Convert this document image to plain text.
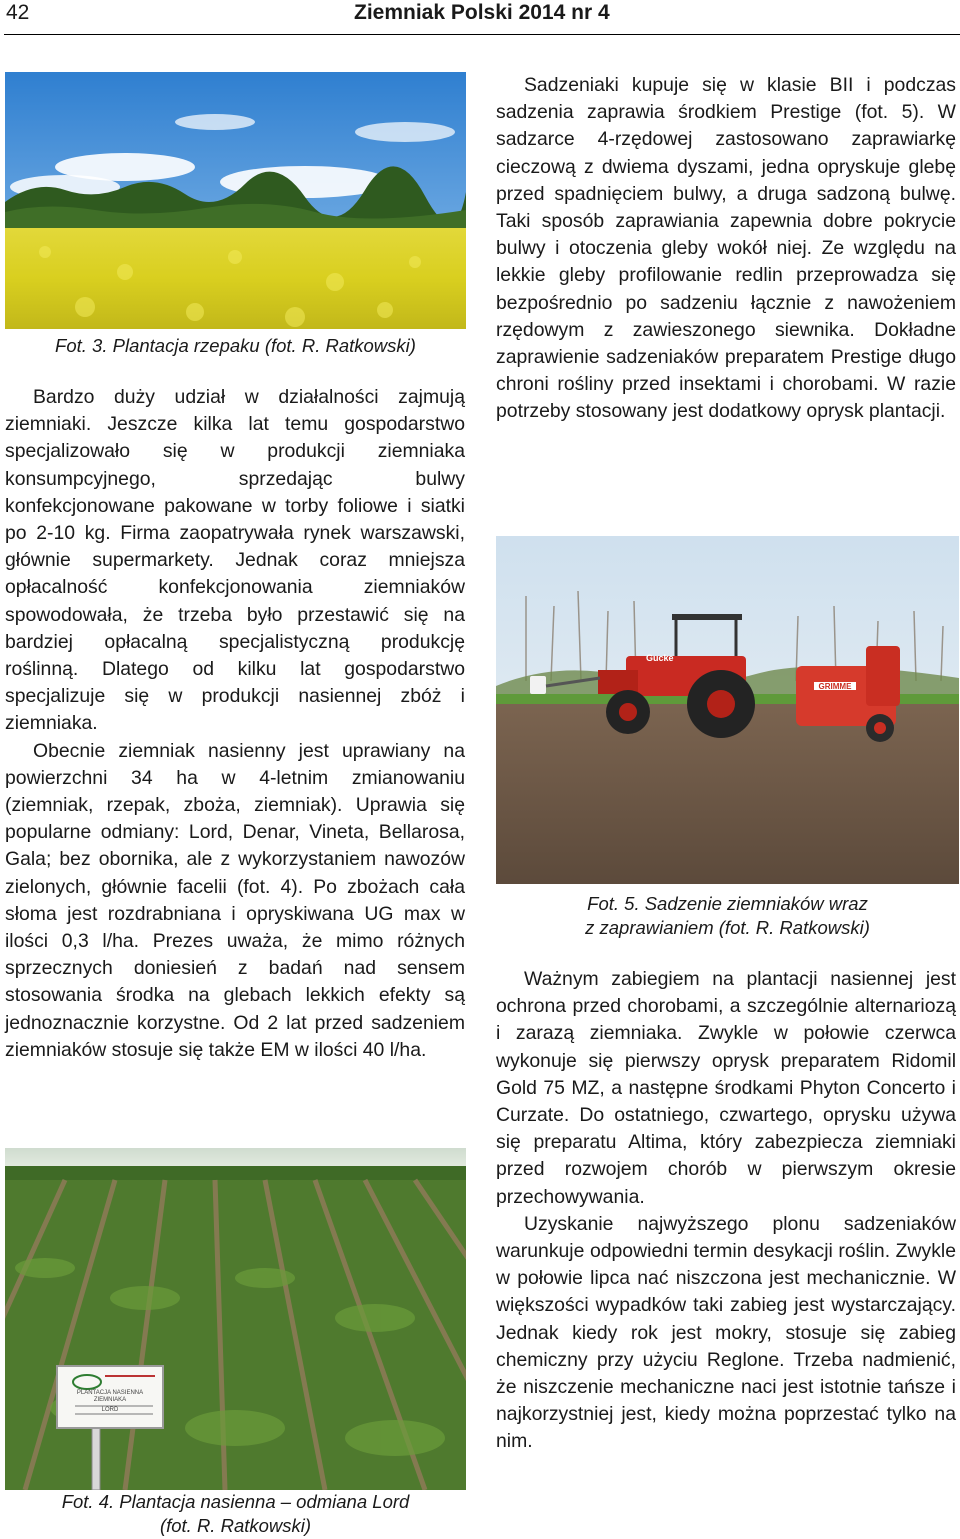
42	Ziemniak Polski 2014 nr 4
Fot. 3. Plantacja rzepaku (fot. R. Ratkowski)

Bardzo duży udział w działalności zajmują ziemniaki. Jeszcze kilka lat temu gospodarstwo specjalizowało się w produkcji ziemniaka konsumpcyjnego, sprzedając bulwy konfekcjonowane pakowane w torby foliowe i siatki po 2-10 kg. Firma zaopatrywała rynek warszawski, głównie supermarkety. Jednak coraz mniejsza opłacalność konfekcjonowania ziemniaków spowodowała, że trzeba było przestawić się na bardziej opłacalną specjalistyczną produkcję roślinną. Dlatego od kilku lat gospodarstwo specjalizuje się w produkcji nasiennej zbóż i ziemniaka.

Obecnie ziemniak nasienny jest uprawiany na powierzchni 34 ha w 4-letnim zmianowaniu (ziemniak, rzepak, zboża, ziemniak). Uprawia się popularne odmiany: Lord, Denar, Vineta, Bellarosa, Gala; bez obornika, ale z wykorzystaniem nawozów zielonych, głównie facelii (fot. 4). Po zbożach cała słoma jest rozdrabniana i opryskiwana UG max w ilości 0,3 l/ha. Prezes uważa, że mimo różnych sprzecznych doniesień z badań nad sensem stosowania środka na glebach lekkich efekty są jednoznacznie korzystne. Od 2 lat przed sadzeniem ziemniaków stosuje się także EM w ilości 40 l/ha.

PLANTACJA NASIENNA
ZIEMNIAKA
LORD
Fot. 4. Plantacja nasienna – odmiana Lord
(fot. R. Ratkowski)

Sadzeniaki kupuje się w klasie BII i podczas sadzenia zaprawia środkiem Prestige (fot. 5). W sadzarce 4-rzędowej zastosowano zaprawiarkę cieczową z dwiema dyszami, jedna opryskuje glebę przed spadnięciem bulwy, a druga sadzoną bulwę. Taki sposób zaprawiania zapewnia dobre pokrycie bulwy i otoczenia gleby wokół niej. Ze względu na lekkie gleby profilowanie redlin przeprowadza się bezpośrednio po sadzeniu łącznie z nawożeniem rzędowym z zawieszonego siewnika. Dokładne zaprawienie sadzeniaków preparatem Prestige długo chroni rośliny przed insektami i chorobami. W razie potrzeby stosowany jest dodatkowy oprysk plantacji.

GRIMME
Gucke
Fot. 5. Sadzenie ziemniaków wraz
z zaprawianiem (fot. R. Ratkowski)

Ważnym zabiegiem na plantacji nasiennej jest ochrona przed chorobami, a szczególnie alternariozą i zarazą ziemniaka. Zwykle w połowie czerwca wykonuje się pierwszy oprysk preparatem Ridomil Gold 75 MZ, a następne środkami Phyton Concerto i Curzate. Do ostatniego, czwartego, oprysku używa się preparatu Altima, który zabezpiecza ziemniaki przed rozwojem chorób w pierwszym okresie przechowywania.

Uzyskanie najwyższego plonu sadzeniaków warunkuje odpowiedni termin desykacji roślin. Zwykle w połowie lipca nać niszczona jest mechanicznie. W większości wypadków taki zabieg jest wystarczający. Jednak kiedy rok jest mokry, stosuje się zabieg chemiczny przy użyciu Reglone. Trzeba nadmienić, że niszczenie mechaniczne naci jest istotnie tańsze i najkorzystniej jest, kiedy można poprzestać tylko na nim.
